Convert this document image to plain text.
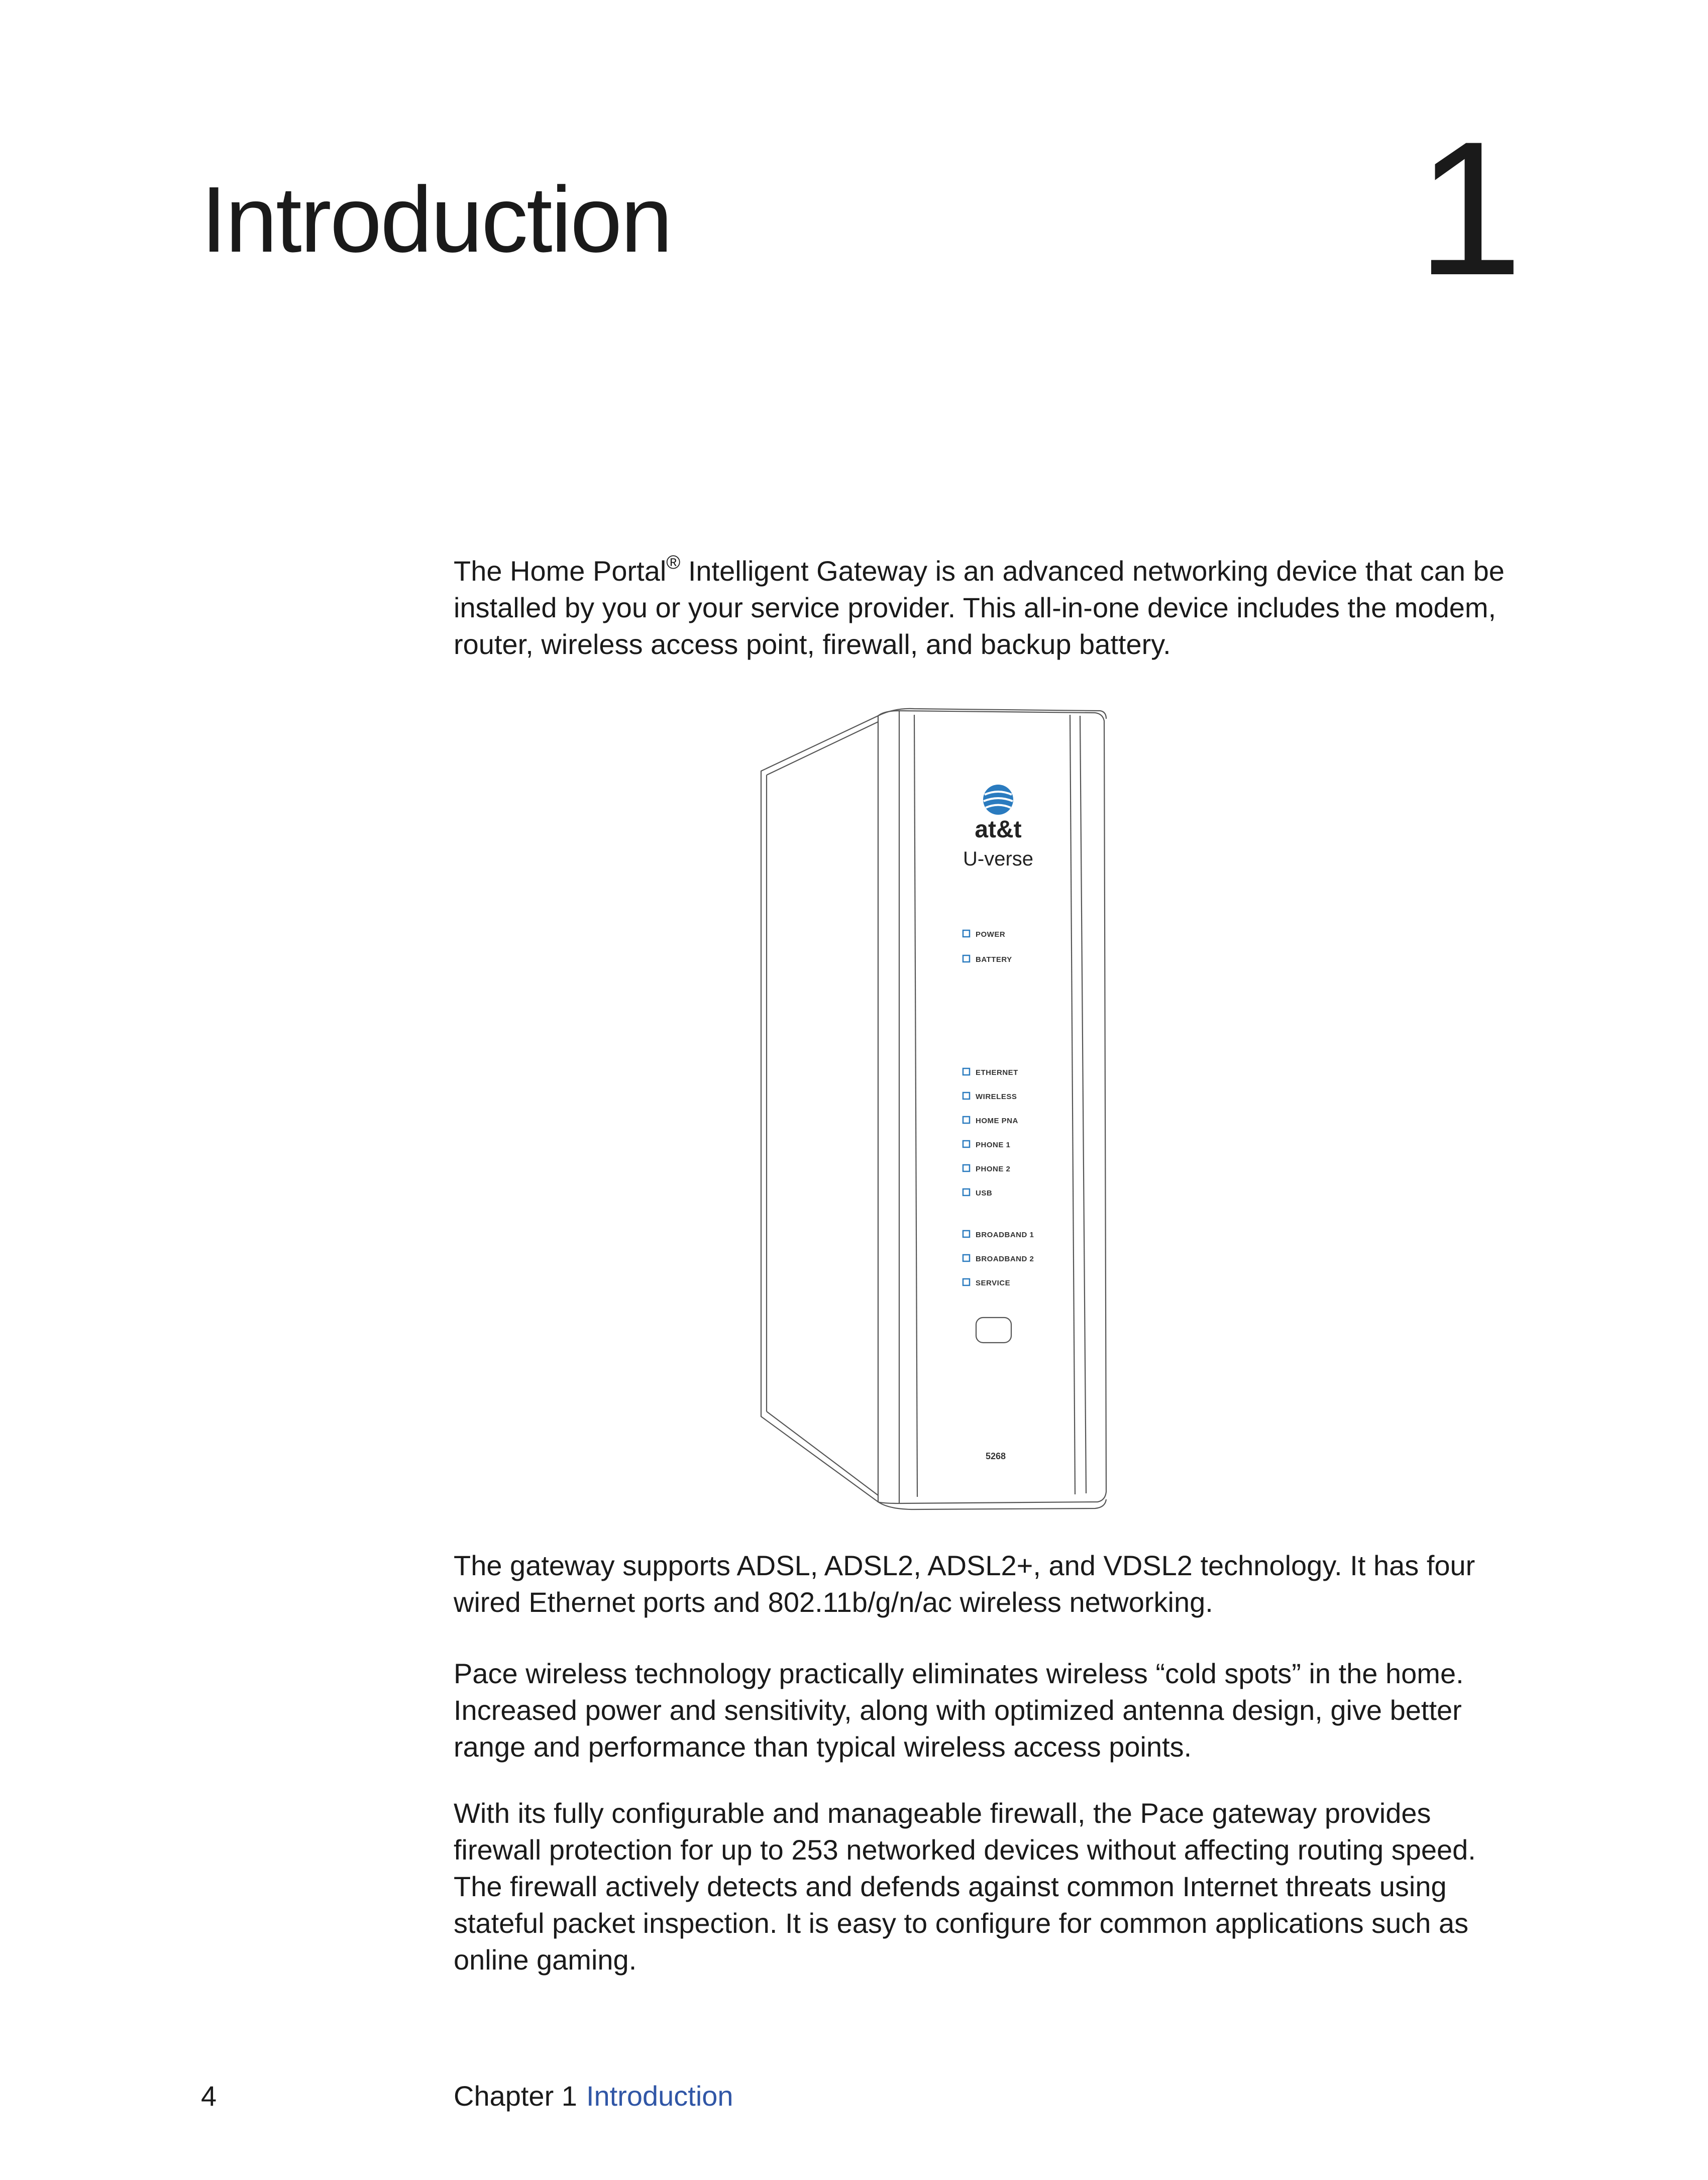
Introduction	1

The Home Portal® Intelligent Gateway is an advanced networking device that can be installed by you or your service provider. This all-in-one device includes the modem, router, wireless access point, firewall, and backup battery.

at&t
U-verse
POWER
BATTERY
ETHERNET
WIRELESS
HOME PNA
PHONE 1
PHONE 2
USB
BROADBAND 1
BROADBAND 2
SERVICE
5268

The gateway supports ADSL, ADSL2, ADSL2+, and VDSL2 technology. It has four wired Ethernet ports and 802.11b/g/n/ac wireless networking.

Pace wireless technology practically eliminates wireless “cold spots” in the home. Increased power and sensitivity, along with optimized antenna design, give better range and performance than typical wireless access points.

With its fully configurable and manageable firewall, the Pace gateway provides firewall protection for up to 253 networked devices without affecting routing speed. The firewall actively detects and defends against common Internet threats using stateful packet inspection. It is easy to configure for common applications such as online gaming.

4	Chapter 1 Introduction
